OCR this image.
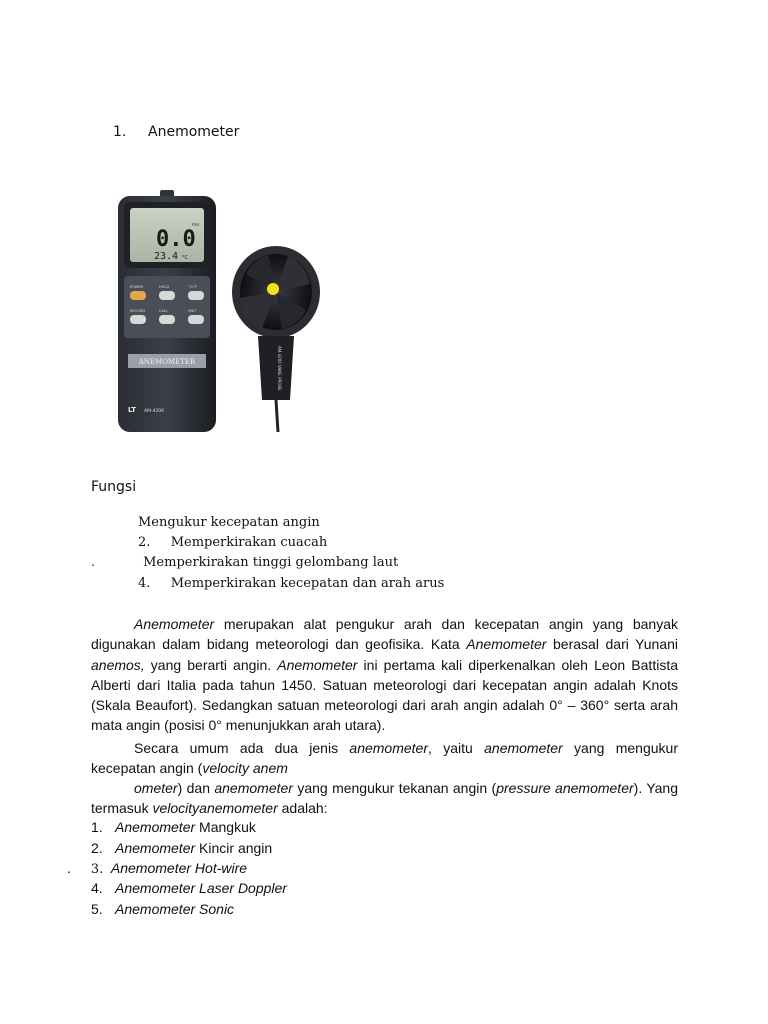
1. Anemometer
0.0
m/s
23.4 °C
POWER	HOLD	°C/°F
RECORD	CALL	UNIT
ANEMOMETER
LT AM-4206
AM-4206 VANE PROBE
Fungsi
Mengukur kecepatan angin
2. Memperkirakan cuacah
.	Memperkirakan tinggi gelombang laut
4. Memperkirakan kecepatan dan arah arus
Anemometer merupakan alat pengukur arah dan kecepatan angin yang banyak digunakan dalam bidang meteorologi dan geofisika. Kata Anemometer berasal dari Yunani anemos, yang berarti angin. Anemometer ini pertama kali diperkenalkan oleh Leon Battista Alberti dari Italia pada tahun 1450. Satuan meteorologi dari kecepatan angin adalah Knots (Skala Beaufort). Sedangkan satuan meteorologi dari arah angin adalah 0° – 360° serta arah mata angin (posisi 0° menunjukkan arah utara).
Secara umum ada dua jenis anemometer, yaitu anemometer yang mengukur kecepatan angin (velocity anem
ometer) dan anemometer yang mengukur tekanan angin (pressure anemometer). Yang termasuk velocityanemometer adalah:
1. Anemometer Mangkuk
2. Anemometer Kincir angin
. 3. Anemometer Hot-wire
4. Anemometer Laser Doppler
5. Anemometer Sonic
